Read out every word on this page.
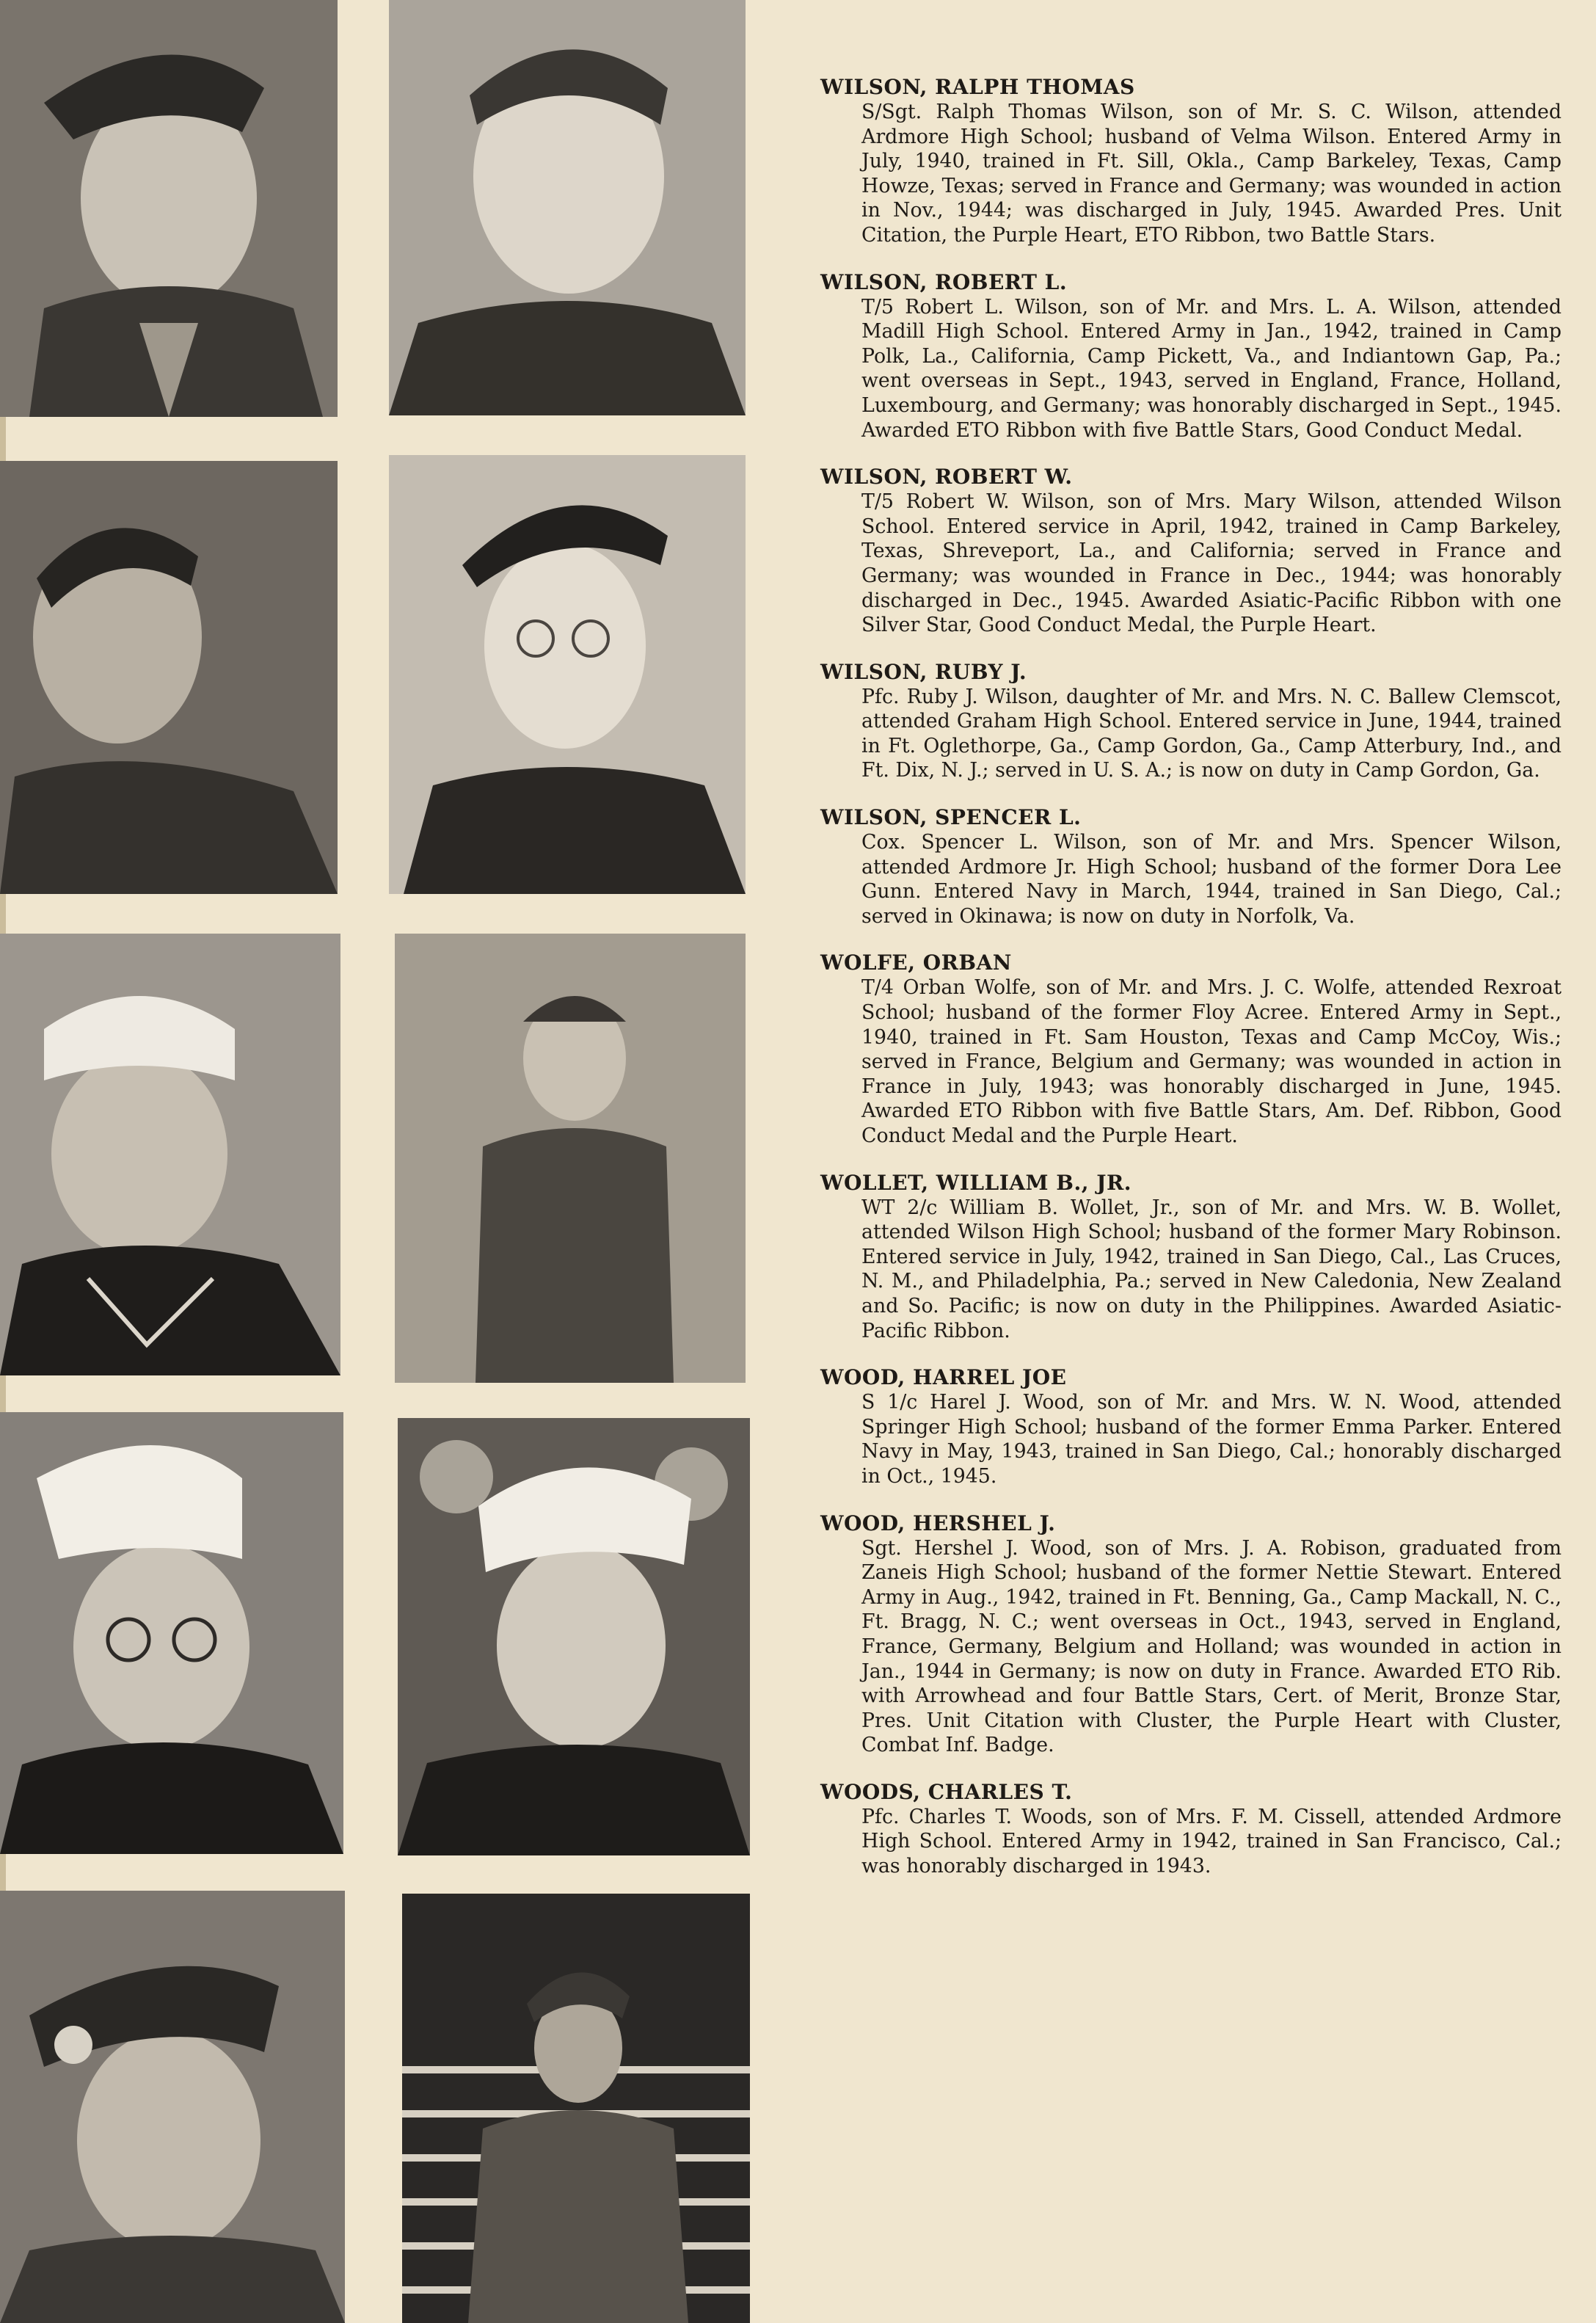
WILSON, RALPH THOMAS

S/Sgt. Ralph Thomas Wilson, son of Mr. S. C. Wilson, attended Ardmore High School; husband of Velma Wilson. Entered Army in July, 1940, trained in Ft. Sill, Okla., Camp Barkeley, Texas, Camp Howze, Texas; served in France and Germany; was wounded in action in Nov., 1944; was discharged in July, 1945. Awarded Pres. Unit Citation, the Purple Heart, ETO Ribbon, two Battle Stars.

WILSON, ROBERT L.

T/5 Robert L. Wilson, son of Mr. and Mrs. L. A. Wilson, attended Madill High School. Entered Army in Jan., 1942, trained in Camp Polk, La., California, Camp Pickett, Va., and Indiantown Gap, Pa.; went overseas in Sept., 1943, served in England, France, Holland, Luxembourg, and Germany; was honorably discharged in Sept., 1945. Awarded ETO Ribbon with five Battle Stars, Good Conduct Medal.

WILSON, ROBERT W.

T/5 Robert W. Wilson, son of Mrs. Mary Wilson, attended Wilson School. Entered service in April, 1942, trained in Camp Barkeley, Texas, Shreveport, La., and California; served in France and Germany; was wounded in France in Dec., 1944; was honorably discharged in Dec., 1945. Awarded Asiatic-Pacific Ribbon with one Silver Star, Good Conduct Medal, the Purple Heart.

WILSON, RUBY J.

Pfc. Ruby J. Wilson, daughter of Mr. and Mrs. N. C. Ballew Clemscot, attended Graham High School. Entered service in June, 1944, trained in Ft. Oglethorpe, Ga., Camp Gordon, Ga., Camp Atterbury, Ind., and Ft. Dix, N. J.; served in U. S. A.; is now on duty in Camp Gordon, Ga.

WILSON, SPENCER L.

Cox. Spencer L. Wilson, son of Mr. and Mrs. Spencer Wilson, attended Ardmore Jr. High School; husband of the former Dora Lee Gunn. Entered Navy in March, 1944, trained in San Diego, Cal.; served in Okinawa; is now on duty in Norfolk, Va.

WOLFE, ORBAN

T/4 Orban Wolfe, son of Mr. and Mrs. J. C. Wolfe, attended Rexroat School; husband of the former Floy Acree. Entered Army in Sept., 1940, trained in Ft. Sam Houston, Texas and Camp McCoy, Wis.; served in France, Belgium and Germany; was wounded in action in France in July, 1943; was honorably discharged in June, 1945. Awarded ETO Ribbon with five Battle Stars, Am. Def. Ribbon, Good Conduct Medal and the Purple Heart.

WOLLET, WILLIAM B., JR.

WT 2/c William B. Wollet, Jr., son of Mr. and Mrs. W. B. Wollet, attended Wilson High School; husband of the former Mary Robinson. Entered service in July, 1942, trained in San Diego, Cal., Las Cruces, N. M., and Philadelphia, Pa.; served in New Caledonia, New Zealand and So. Pacific; is now on duty in the Philippines. Awarded Asiatic-Pacific Ribbon.

WOOD, HARREL JOE

S 1/c Harel J. Wood, son of Mr. and Mrs. W. N. Wood, attended Springer High School; husband of the former Emma Parker. Entered Navy in May, 1943, trained in San Diego, Cal.; honorably discharged in Oct., 1945.

WOOD, HERSHEL J.

Sgt. Hershel J. Wood, son of Mrs. J. A. Robison, graduated from Zaneis High School; husband of the former Nettie Stewart. Entered Army in Aug., 1942, trained in Ft. Benning, Ga., Camp Mackall, N. C., Ft. Bragg, N. C.; went overseas in Oct., 1943, served in England, France, Germany, Belgium and Holland; was wounded in action in Jan., 1944 in Germany; is now on duty in France. Awarded ETO Rib. with Arrowhead and four Battle Stars, Cert. of Merit, Bronze Star, Pres. Unit Citation with Cluster, the Purple Heart with Cluster, Combat Inf. Badge.

WOODS, CHARLES T.

Pfc. Charles T. Woods, son of Mrs. F. M. Cissell, attended Ardmore High School. Entered Army in 1942, trained in San Francisco, Cal.; was honorably discharged in 1943.
